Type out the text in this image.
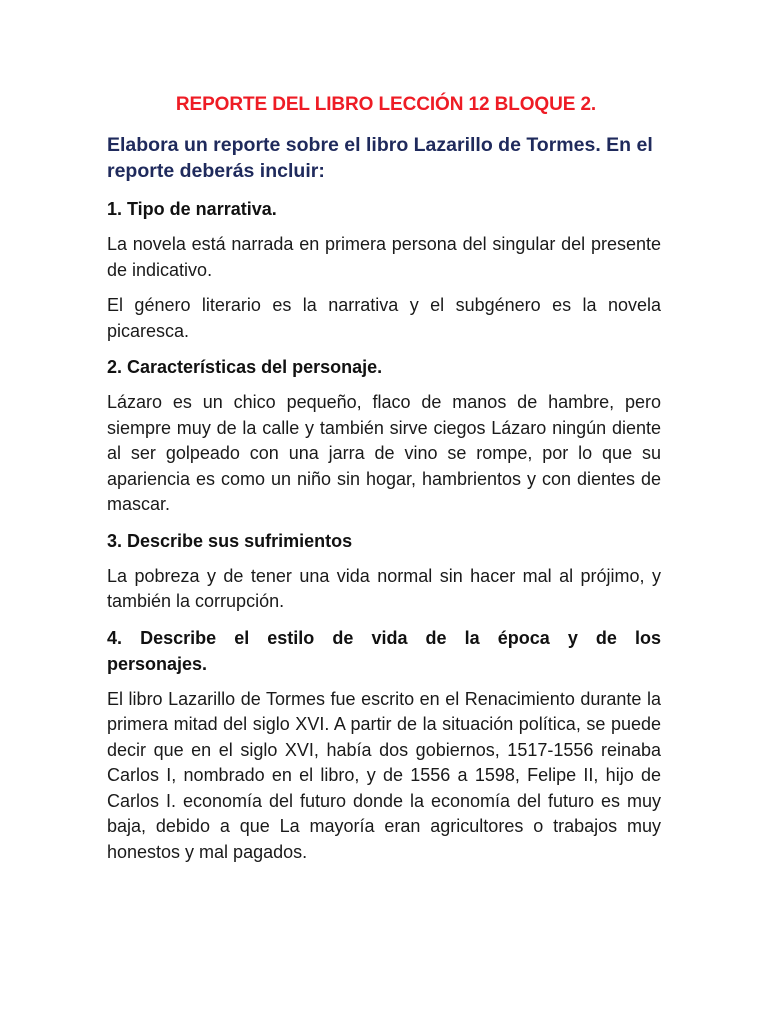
REPORTE DEL LIBRO LECCIÓN 12 BLOQUE 2.

Elabora un reporte sobre el libro Lazarillo de Tormes. En el reporte deberás incluir:

1. Tipo de narrativa.

La novela está narrada en primera persona del singular del presente de indicativo.

El género literario es la narrativa y el subgénero es la novela picaresca.

2. Características del personaje.

Lázaro es un chico pequeño, flaco de manos de hambre, pero siempre muy de la calle y también sirve ciegos Lázaro ningún diente al ser golpeado con una jarra de vino se rompe, por lo que su apariencia es como un niño sin hogar, hambrientos y con dientes de mascar.

3. Describe sus sufrimientos

La pobreza y de tener una vida normal sin hacer mal al prójimo, y también la corrupción.

4. Describe el estilo de vida de la época y de los personajes.

El libro Lazarillo de Tormes fue escrito en el Renacimiento durante la primera mitad del siglo XVI. A partir de la situación política, se puede decir que en el siglo XVI, había dos gobiernos, 1517-1556 reinaba Carlos I, nombrado en el libro, y de 1556 a 1598, Felipe II, hijo de Carlos I. economía del futuro donde la economía del futuro es muy baja, debido a que La mayoría eran agricultores o trabajos muy honestos y mal pagados.
